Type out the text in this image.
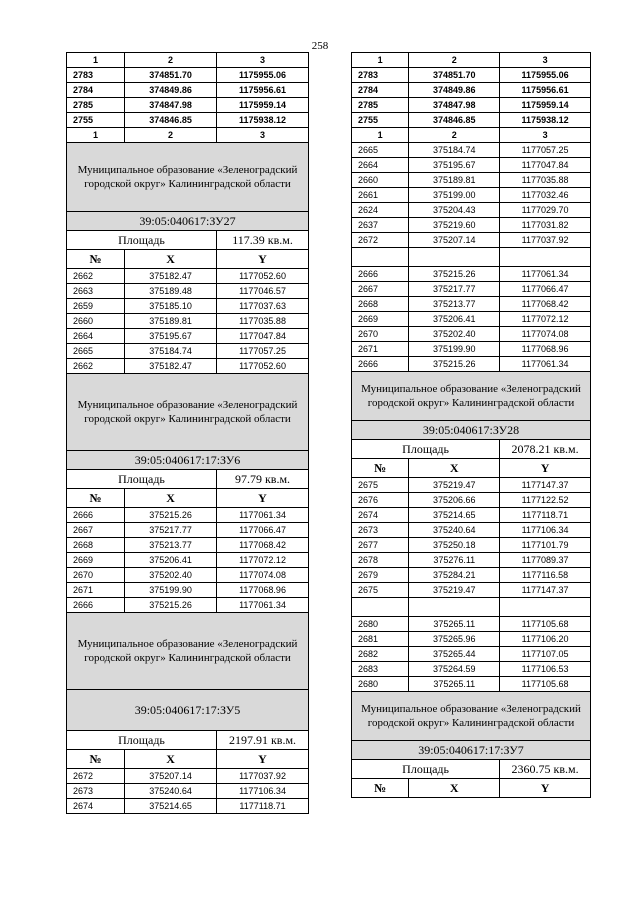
258
1	2	3
2783	374851.70	1175955.06
2784	374849.86	1175956.61
2785	374847.98	1175959.14
2755	374846.85	1175938.12
1	2	3
Муниципальное образование «Зеленоградский городской округ» Калининградской области		
39:05:040617:ЗУ27		
Площадь		117.39 кв.м.
№	X	Y
2662	375182.47	1177052.60
2663	375189.48	1177046.57
2659	375185.10	1177037.63
2660	375189.81	1177035.88
2664	375195.67	1177047.84
2665	375184.74	1177057.25
2662	375182.47	1177052.60
Муниципальное образование «Зеленоградский городской округ» Калининградской области		
39:05:040617:17:ЗУ6		
Площадь		97.79 кв.м.
№	X	Y
2666	375215.26	1177061.34
2667	375217.77	1177066.47
2668	375213.77	1177068.42
2669	375206.41	1177072.12
2670	375202.40	1177074.08
2671	375199.90	1177068.96
2666	375215.26	1177061.34
Муниципальное образование «Зеленоградский городской округ» Калининградской области		
39:05:040617:17:ЗУ5		
Площадь		2197.91 кв.м.
№	X	Y
2672	375207.14	1177037.92
2673	375240.64	1177106.34
2674	375214.65	1177118.71
1	2	3
2783	374851.70	1175955.06
2784	374849.86	1175956.61
2785	374847.98	1175959.14
2755	374846.85	1175938.12
1	2	3
2665	375184.74	1177057.25
2664	375195.67	1177047.84
2660	375189.81	1177035.88
2661	375199.00	1177032.46
2624	375204.43	1177029.70
2637	375219.60	1177031.82
2672	375207.14	1177037.92

2666	375215.26	1177061.34
2667	375217.77	1177066.47
2668	375213.77	1177068.42
2669	375206.41	1177072.12
2670	375202.40	1177074.08
2671	375199.90	1177068.96
2666	375215.26	1177061.34
Муниципальное образование «Зеленоградский городской округ» Калининградской области		
39:05:040617:ЗУ28		
Площадь		2078.21 кв.м.
№	X	Y
2675	375219.47	1177147.37
2676	375206.66	1177122.52
2674	375214.65	1177118.71
2673	375240.64	1177106.34
2677	375250.18	1177101.79
2678	375276.11	1177089.37
2679	375284.21	1177116.58
2675	375219.47	1177147.37

2680	375265.11	1177105.68
2681	375265.96	1177106.20
2682	375265.44	1177107.05
2683	375264.59	1177106.53
2680	375265.11	1177105.68
Муниципальное образование «Зеленоградский городской округ» Калининградской области		
39:05:040617:17:ЗУ7		
Площадь		2360.75 кв.м.
№	X	Y
